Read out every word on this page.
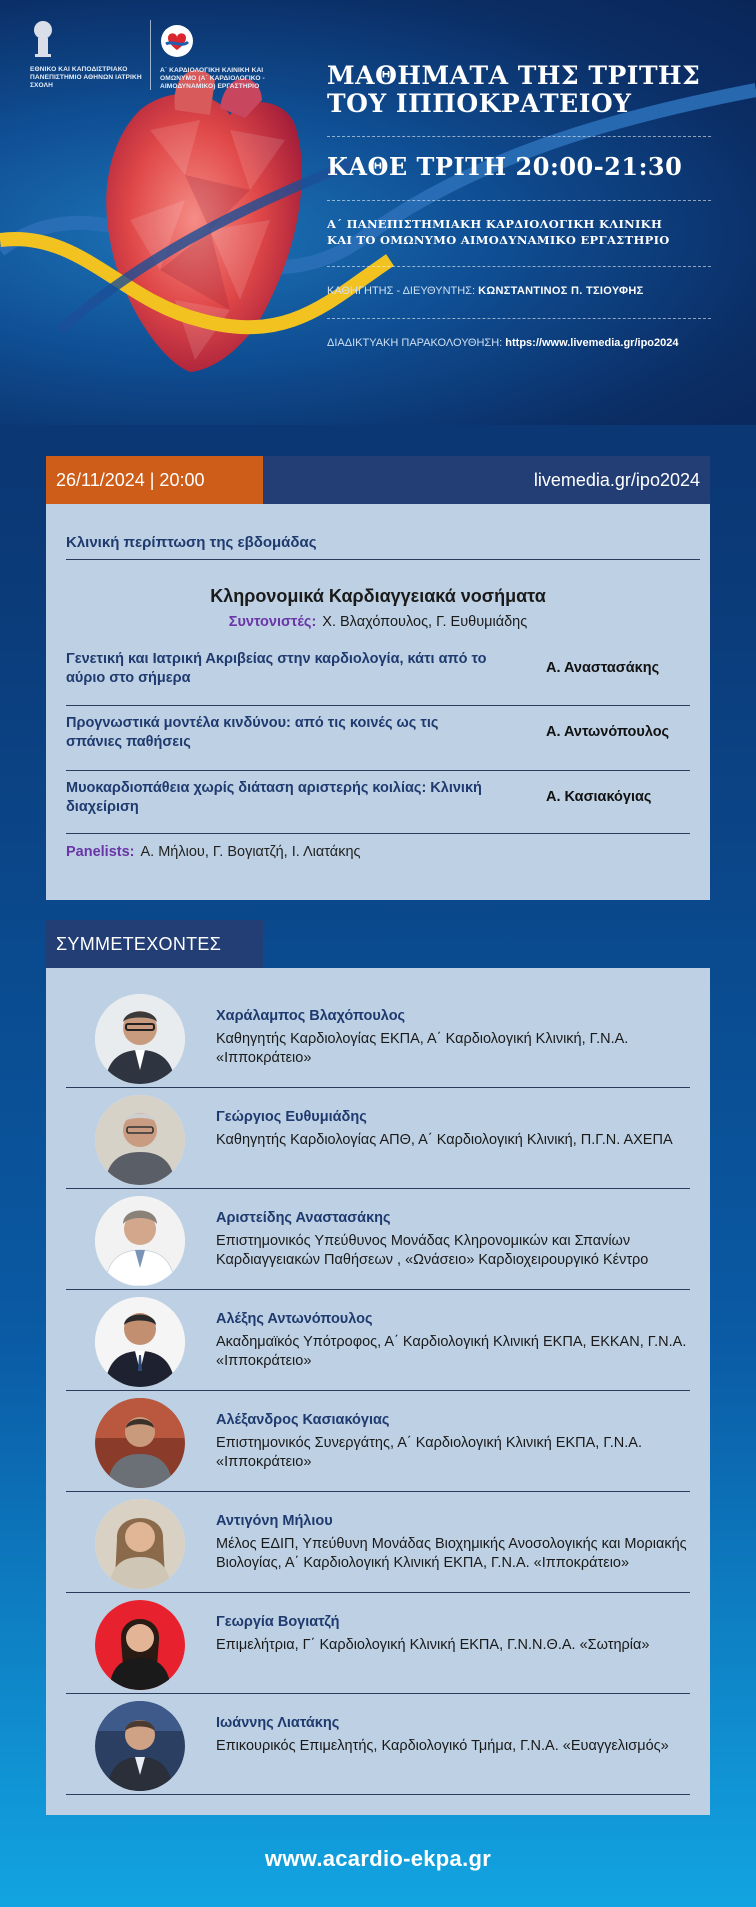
ΕΘΝΙΚΟ ΚΑΙ ΚΑΠΟΔΙΣΤΡΙΑΚΟ ΠΑΝΕΠΙΣΤΗΜΙΟ ΑΘΗΝΩΝ ΙΑΤΡΙΚΗ ΣΧΟΛΗ
Α΄ ΚΑΡΔΙΟΛΟΓΙΚΗ ΚΛΙΝΙΚΗ ΚΑΙ ΟΜΩΝΥΜΟ (Α΄ ΚΑΡΔΙΟΛΟΓΙΚΟ - ΑΙΜΟΔΥΝΑΜΙΚΟ) ΕΡΓΑΣΤΗΡΙΟ	ΜΑΘΗΜΑΤΑ ΤΗΣ ΤΡΙΤΗΣ
ΤΟΥ ΙΠΠΟΚΡΑΤΕΙΟΥ
ΚΑΘΕ ΤΡΙΤΗ 20:00-21:30
Α΄ ΠΑΝΕΠΙΣΤΗΜΙΑΚΗ ΚΑΡΔΙΟΛΟΓΙΚΗ ΚΛΙΝΙΚΗ
ΚΑΙ ΤΟ ΟΜΩΝΥΜΟ ΑΙΜΟΔΥΝΑΜΙΚΟ ΕΡΓΑΣΤΗΡΙΟ
ΚΑΘΗΓΗΤΗΣ - ΔΙΕΥΘΥΝΤΗΣ: ΚΩΝΣΤΑΝΤΙΝΟΣ Π. ΤΣΙΟΥΦΗΣ
ΔΙΑΔΙΚΤΥΑΚΗ ΠΑΡΑΚΟΛΟΥΘΗΣΗ: https://www.livemedia.gr/ipo2024
26/11/2024 | 20:00	livemedia.gr/ipo2024
Κλινική περίπτωση της εβδομάδας
Κληρονομικά Καρδιαγγειακά νοσήματα
Συντονιστές: Χ. Βλαχόπουλος, Γ. Ευθυμιάδης
Γενετική και Ιατρική Ακριβείας στην καρδιολογία, κάτι από το αύριο στο σήμερα
Α. Αναστασάκης
Προγνωστικά μοντέλα κινδύνου: από τις κοινές ως τις σπάνιες παθήσεις
Α. Αντωνόπουλος
Μυοκαρδιοπάθεια χωρίς διάταση αριστερής κοιλίας: Κλινική διαχείριση
Α. Κασιακόγιας
Panelists: Α. Μήλιου, Γ. Βογιατζή, Ι. Λιατάκης
ΣΥΜΜΕΤΕΧΟΝΤΕΣ
Χαράλαμπος Βλαχόπουλος
Καθηγητής Καρδιολογίας ΕΚΠΑ, Α΄ Καρδιολογική Κλινική, Γ.Ν.Α. «Ιπποκράτειο»
Γεώργιος Ευθυμιάδης
Καθηγητής Καρδιολογίας ΑΠΘ, Α΄ Καρδιολογική Κλινική, Π.Γ.Ν. ΑΧΕΠΑ
Αριστείδης Αναστασάκης
Επιστημονικός Υπεύθυνος Μονάδας Κληρονομικών και Σπανίων Καρδιαγγειακών Παθήσεων , «Ωνάσειο» Καρδιοχειρουργικό Κέντρο
Αλέξης Αντωνόπουλος
Ακαδημαϊκός Υπότροφος, Α΄ Καρδιολογική Κλινική ΕΚΠΑ, ΕΚΚΑΝ, Γ.Ν.Α. «Ιπποκράτειο»
Αλέξανδρος Κασιακόγιας
Επιστημονικός Συνεργάτης, Α΄ Καρδιολογική Κλινική ΕΚΠΑ, Γ.Ν.Α. «Ιπποκράτειο»
Αντιγόνη Μήλιου
Μέλος ΕΔΙΠ, Υπεύθυνη Μονάδας Βιοχημικής Ανοσολογικής και Μοριακής Βιολογίας, Α΄ Καρδιολογική Κλινική ΕΚΠΑ, Γ.Ν.Α. «Ιπποκράτειο»
Γεωργία Βογιατζή
Επιμελήτρια, Γ΄ Καρδιολογική Κλινική ΕΚΠΑ, Γ.Ν.Ν.Θ.Α. «Σωτηρία»
Ιωάννης Λιατάκης
Επικουρικός Επιμελητής, Καρδιολογικό Τμήμα, Γ.Ν.Α. «Ευαγγελισμός»
www.acardio-ekpa.gr
